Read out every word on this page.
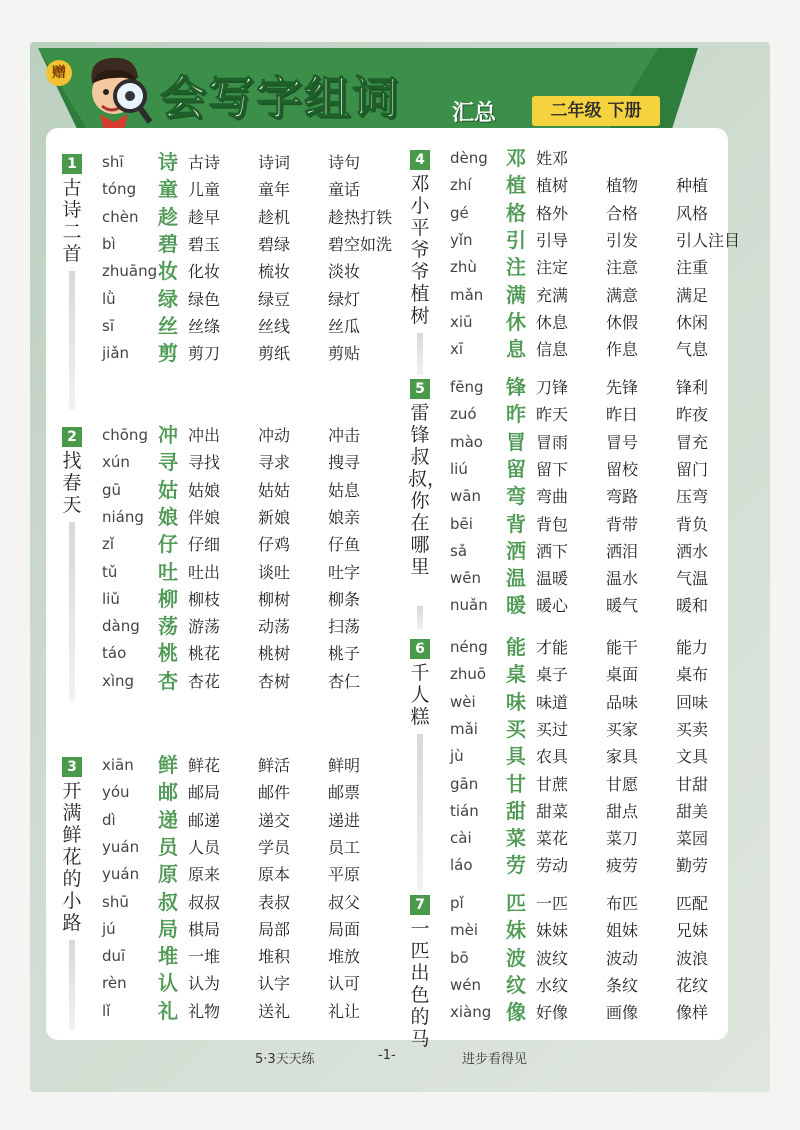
赠 会写字组词 汇总	二年级 下册
1
古诗二首
shī 诗 古诗 诗词 诗句
tóng 童 儿童 童年 童话
chèn 趁 趁早 趁机 趁热打铁
bì 碧 碧玉 碧绿 碧空如洗
zhuāng 妆 化妆 梳妆 淡妆
lǜ 绿 绿色 绿豆 绿灯
sī 丝 丝绦 丝线 丝瓜
jiǎn 剪 剪刀 剪纸 剪贴
2
找春天
chōng 冲 冲出 冲动 冲击
xún 寻 寻找 寻求 搜寻
gū 姑 姑娘 姑姑 姑息
niáng 娘 伴娘 新娘 娘亲
zǐ 仔 仔细 仔鸡 仔鱼
tǔ 吐 吐出 谈吐 吐字
liǔ 柳 柳枝 柳树 柳条
dàng 荡 游荡 动荡 扫荡
táo 桃 桃花 桃树 桃子
xìng 杏 杏花 杏树 杏仁
3
开满鲜花的小路
xiān 鲜 鲜花 鲜活 鲜明
yóu 邮 邮局 邮件 邮票
dì 递 邮递 递交 递进
yuán 员 人员 学员 员工
yuán 原 原来 原本 平原
shū 叔 叔叔 表叔 叔父
jú 局 棋局 局部 局面
duī 堆 一堆 堆积 堆放
rèn 认 认为 认字 认可
lǐ 礼 礼物 送礼 礼让
4
邓小平爷爷植树
dèng 邓 姓邓
zhí 植 植树 植物 种植
gé 格 格外 合格 风格
yǐn 引 引导 引发 引人注目
zhù 注 注定 注意 注重
mǎn 满 充满 满意 满足
xiū 休 休息 休假 休闲
xī 息 信息 作息 气息
5
雷锋叔叔，你在哪里
fēng 锋 刀锋 先锋 锋利
zuó 昨 昨天 昨日 昨夜
mào 冒 冒雨 冒号 冒充
liú 留 留下 留校 留门
wān 弯 弯曲 弯路 压弯
bēi 背 背包 背带 背负
sǎ 洒 洒下 洒泪 洒水
wēn 温 温暖 温水 气温
nuǎn 暖 暖心 暖气 暖和
6
千人糕
néng 能 才能 能干 能力
zhuō 桌 桌子 桌面 桌布
wèi 味 味道 品味 回味
mǎi 买 买过 买家 买卖
jù 具 农具 家具 文具
gān 甘 甘蔗 甘愿 甘甜
tián 甜 甜菜 甜点 甜美
cài 菜 菜花 菜刀 菜园
láo 劳 劳动 疲劳 勤劳
7
一匹出色的马
pǐ 匹 一匹 布匹 匹配
mèi 妹 妹妹 姐妹 兄妹
bō 波 波纹 波动 波浪
wén 纹 水纹 条纹 花纹
xiàng 像 好像 画像 像样
5·3天天练	-1-	进步看得见
